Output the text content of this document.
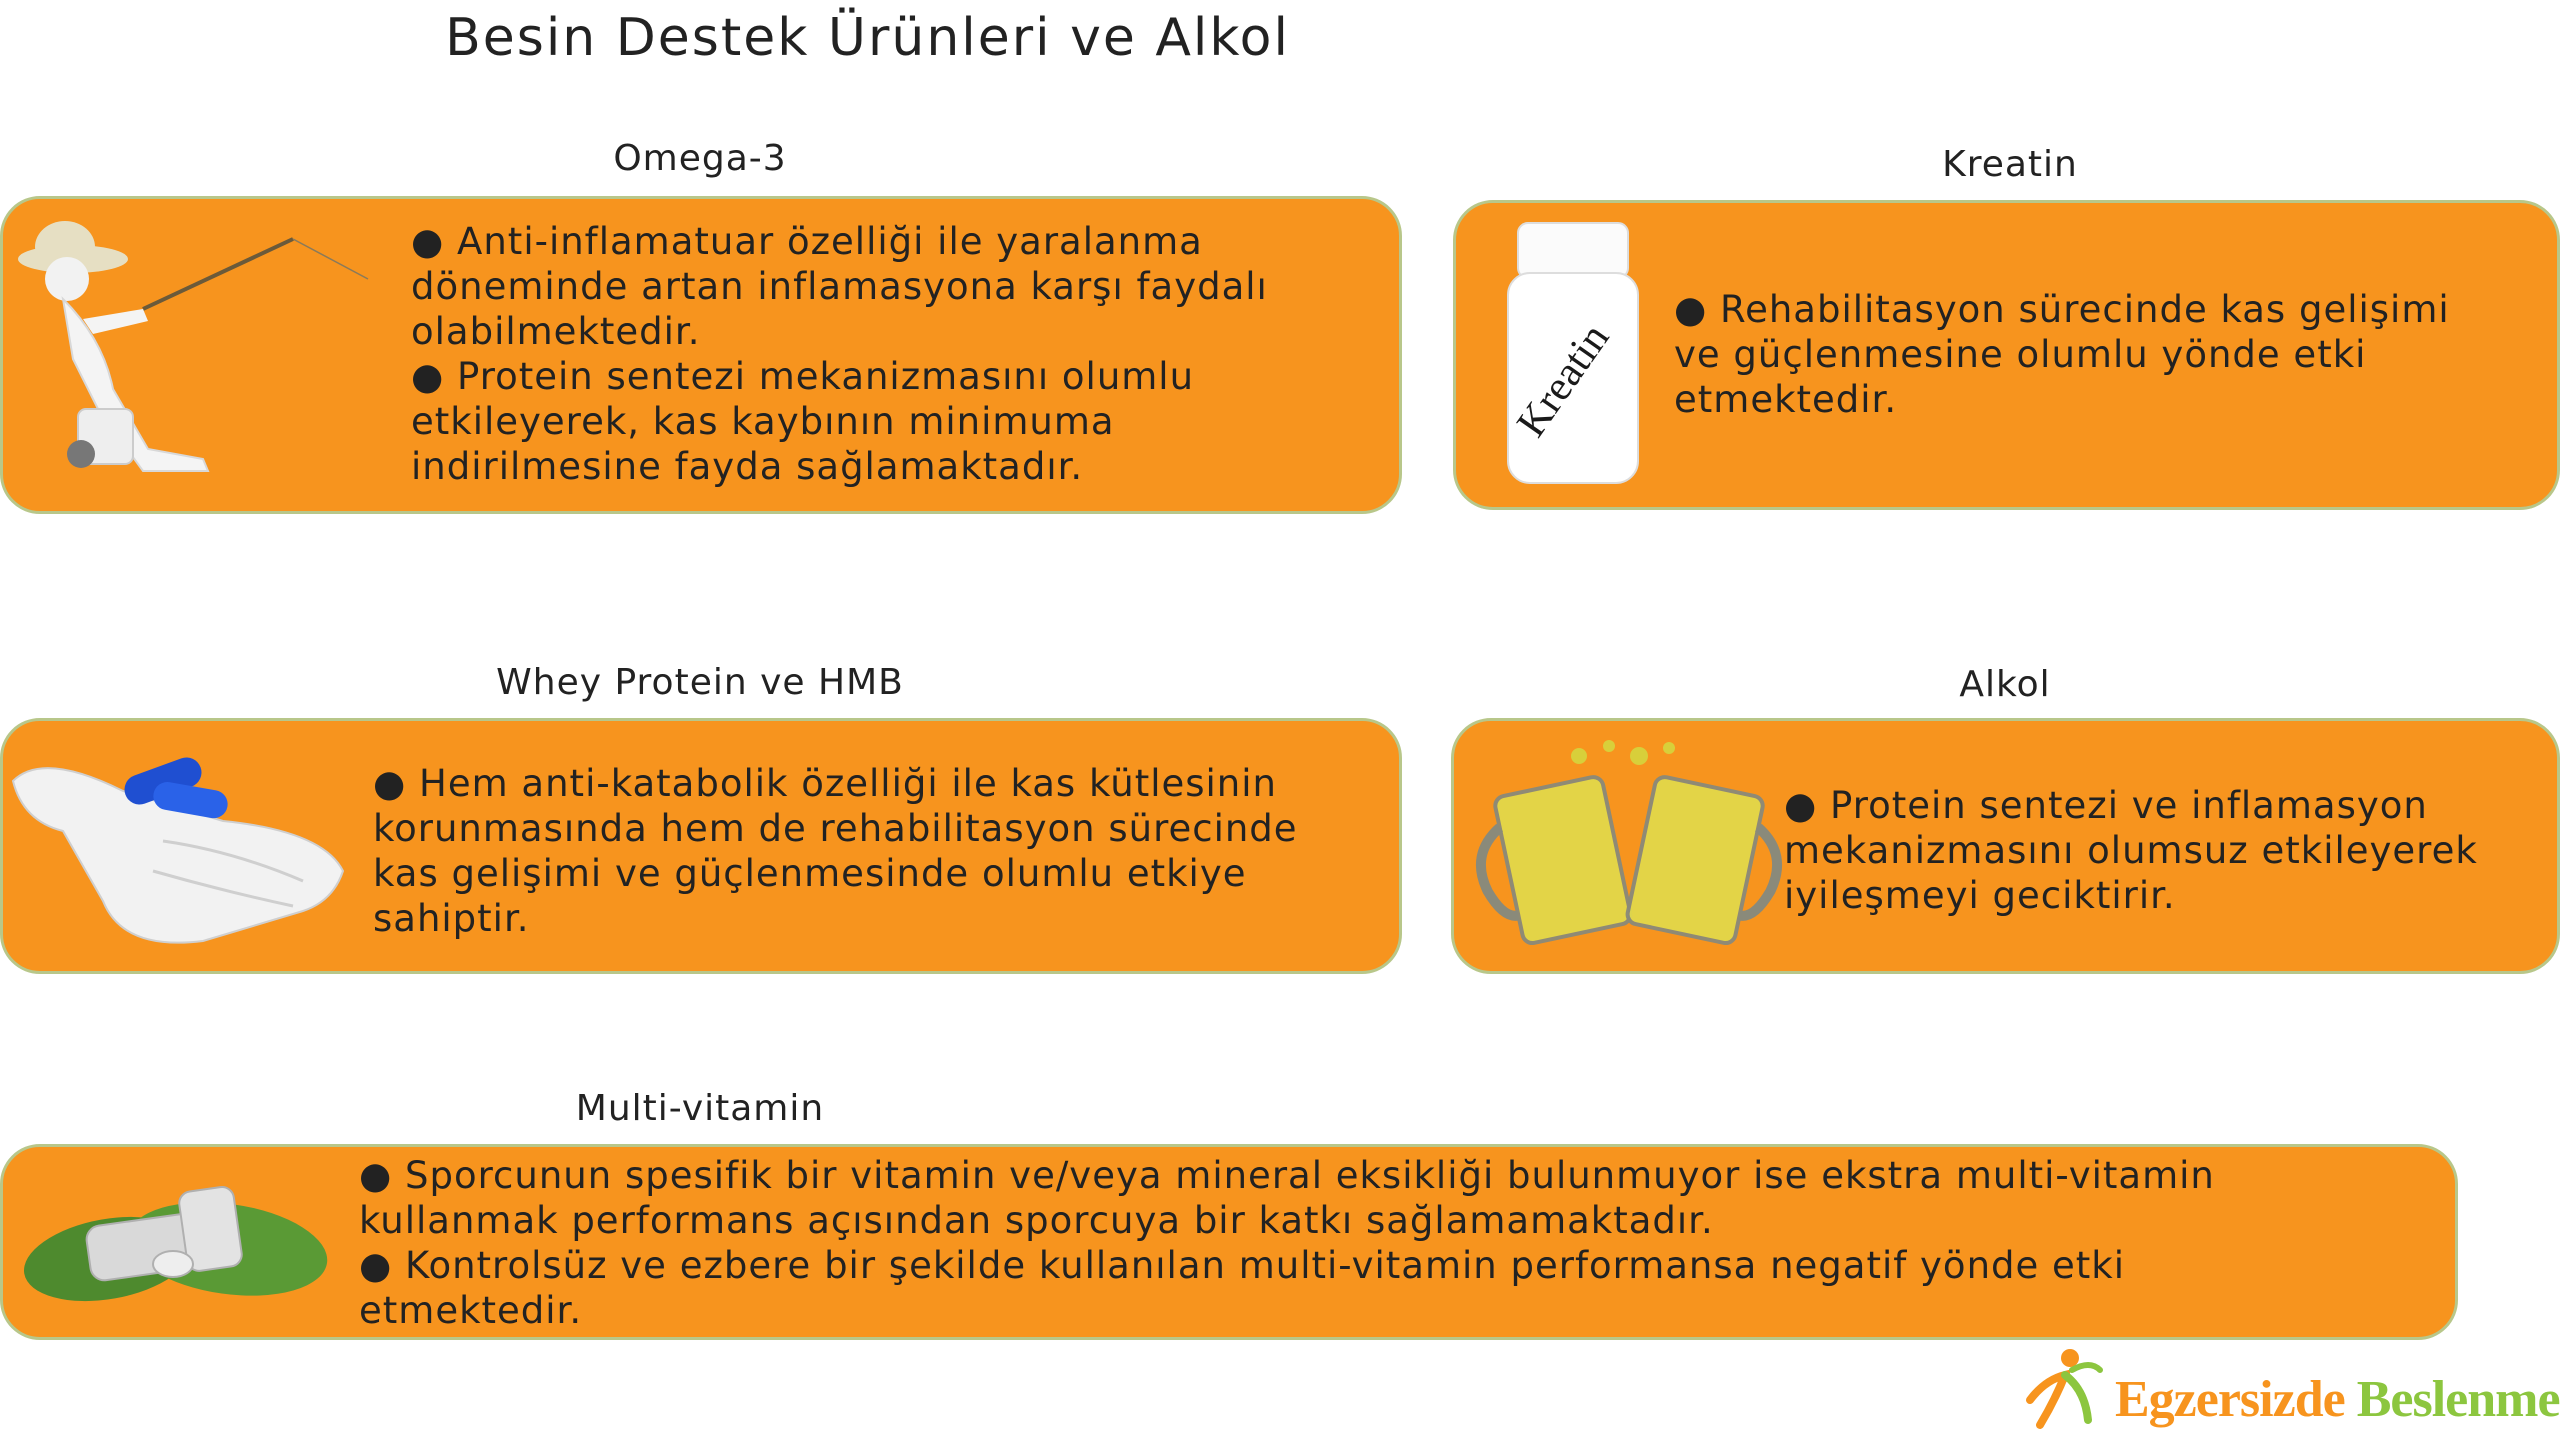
Besin Destek Ürünleri ve Alkol
Omega-3

● Anti-inflamatuar özelliği ile yaralanma

döneminde artan inflamasyona karşı faydalı

olabilmektedir.

● Protein sentezi mekanizmasını olumlu

etkileyerek, kas kaybının minimuma

indirilmesine fayda sağlamaktadır.

Kreatin
Kreatin

● Rehabilitasyon sürecinde kas gelişimi

ve güçlenmesine olumlu yönde etki

etmektedir.

Whey Protein ve HMB

● Hem anti-katabolik özelliği ile kas kütlesinin

korunmasında hem de rehabilitasyon sürecinde

kas gelişimi ve güçlenmesinde olumlu etkiye

sahiptir.

Alkol

● Protein sentezi ve inflamasyon

mekanizmasını olumsuz etkileyerek

iyileşmeyi geciktirir.

Multi-vitamin

● Sporcunun spesifik bir vitamin ve/veya mineral eksikliği bulunmuyor ise ekstra multi-vitamin

kullanmak performans açısından sporcuya bir katkı sağlamamaktadır.

● Kontrolsüz ve ezbere bir şekilde kullanılan multi-vitamin performansa negatif yönde etki

etmektedir.

Egzersizde Beslenme
